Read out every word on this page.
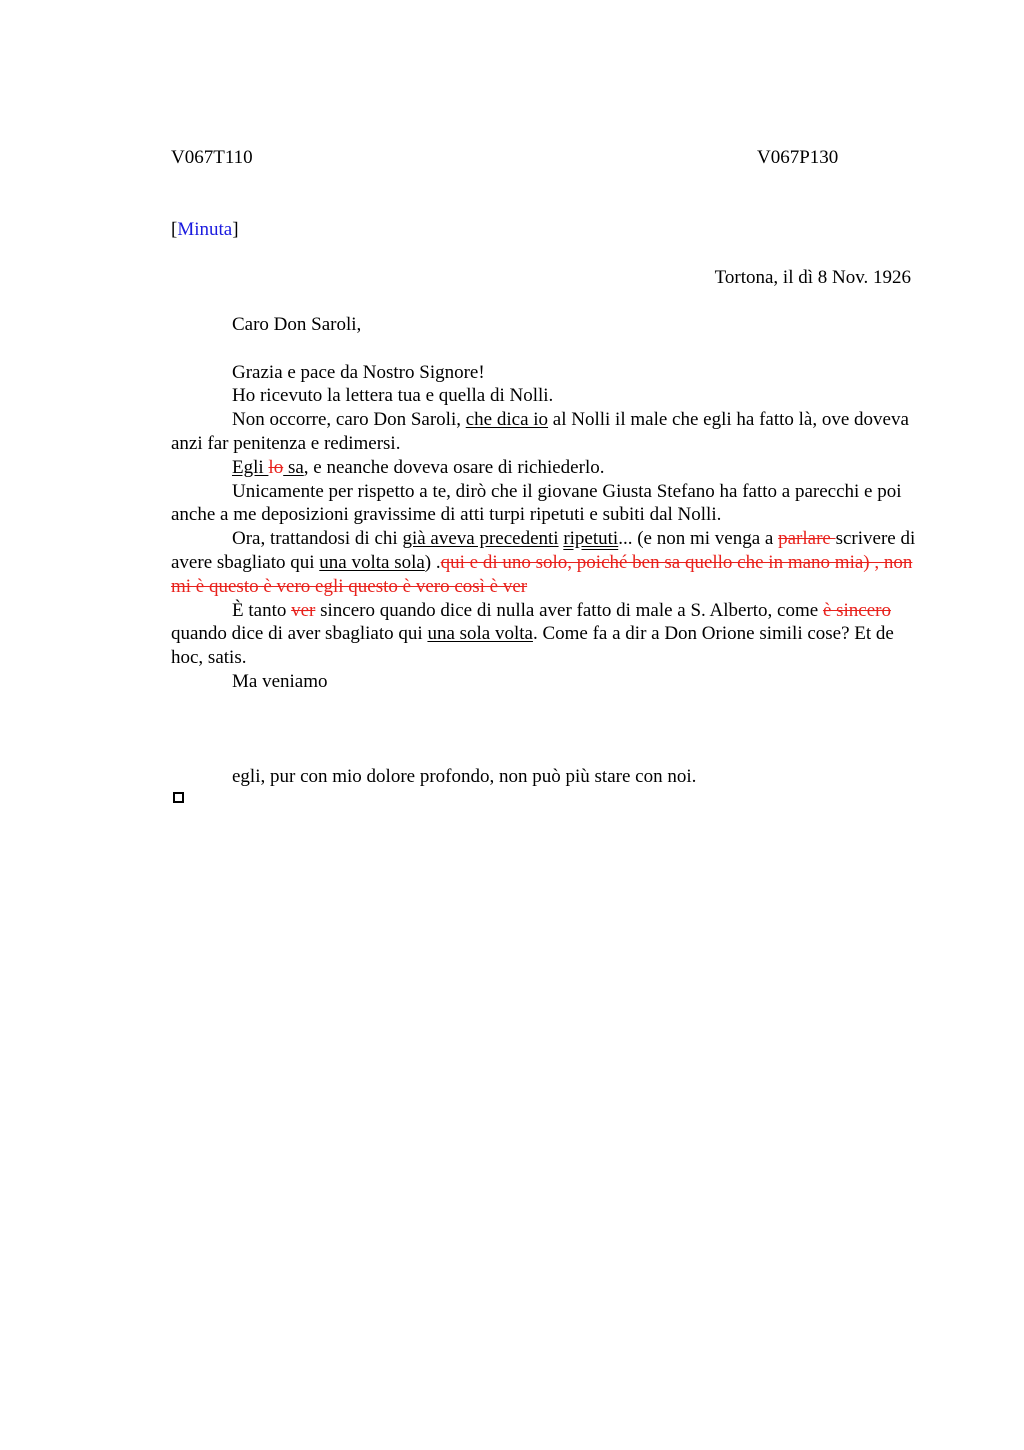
V067T110	V067P130
[Minuta]
Tortona, il dì 8 Nov. 1926

Caro Don Saroli,

Grazia e pace da Nostro Signore!

Ho ricevuto la lettera tua e quella di Nolli.

Non occorre, caro Don Saroli, che dica io al Nolli il male che egli ha fatto là, ove doveva anzi far penitenza e redimersi.

Egli lo sa, e neanche doveva osare di richiederlo.

Unicamente per rispetto a te, dirò che il giovane Giusta Stefano ha fatto a parecchi e poi anche a me deposizioni gravissime di atti turpi ripetuti e subiti dal Nolli.

Ora, trattandosi di chi già aveva precedenti ripetuti... (e non mi venga a parlare scrivere di avere sbagliato qui una volta sola) .qui e di uno solo, poiché ben sa quello che in mano mia) , non mi è questo è vero egli questo è vero così è ver

È tanto ver sincero quando dice di nulla aver fatto di male a S. Alberto, come è sincero quando dice di aver sbagliato qui una sola volta. Come fa a dir a Don Orione simili cose? Et de hoc, satis.

Ma veniamo

egli, pur con mio dolore profondo, non può più stare con noi.
